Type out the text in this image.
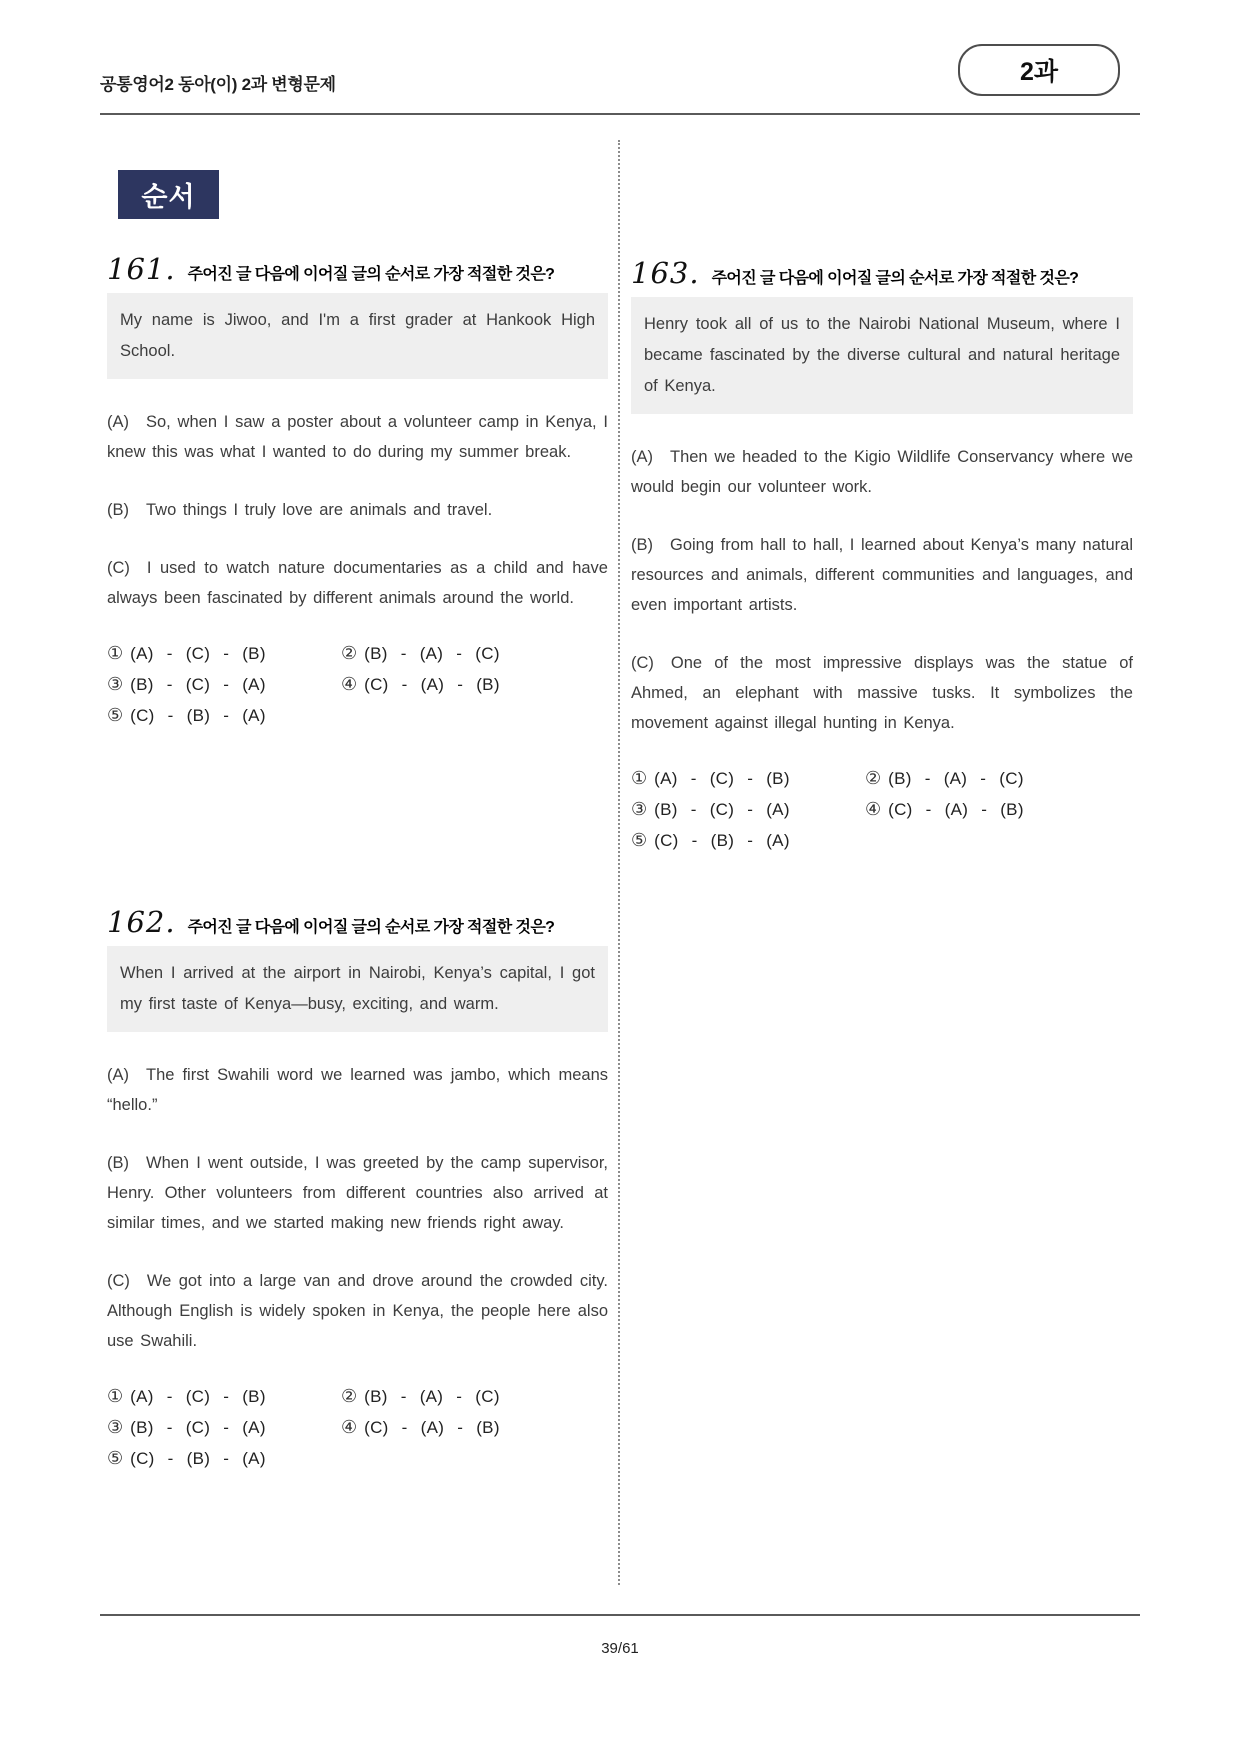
공통영어2 동아(이) 2과 변형문제	2과
순서
161. 주어진 글 다음에 이어질 글의 순서로 가장 적절한 것은?
My name is Jiwoo, and I'm a first grader at Hankook High School.

(A) So, when I saw a poster about a volunteer camp in Kenya, I knew this was what I wanted to do during my summer break.

(B) Two things I truly love are animals and travel.

(C) I used to watch nature documentaries as a child and have always been fascinated by different animals around the world.

① (A) - (C) - (B)	② (B) - (A) - (C)
③ (B) - (C) - (A)	④ (C) - (A) - (B)
⑤ (C) - (B) - (A)
162. 주어진 글 다음에 이어질 글의 순서로 가장 적절한 것은?
When I arrived at the airport in Nairobi, Kenya’s capital, I got my first taste of Kenya—busy, exciting, and warm.

(A) The first Swahili word we learned was jambo, which means “hello.”

(B) When I went outside, I was greeted by the camp supervisor, Henry. Other volunteers from different countries also arrived at similar times, and we started making new friends right away.

(C) We got into a large van and drove around the crowded city. Although English is widely spoken in Kenya, the people here also use Swahili.

① (A) - (C) - (B)	② (B) - (A) - (C)
③ (B) - (C) - (A)	④ (C) - (A) - (B)
⑤ (C) - (B) - (A)
163. 주어진 글 다음에 이어질 글의 순서로 가장 적절한 것은?
Henry took all of us to the Nairobi National Museum, where I became fascinated by the diverse cultural and natural heritage of Kenya.

(A) Then we headed to the Kigio Wildlife Conservancy where we would begin our volunteer work.

(B) Going from hall to hall, I learned about Kenya’s many natural resources and animals, different communities and languages, and even important artists.

(C) One of the most impressive displays was the statue of Ahmed, an elephant with massive tusks. It symbolizes the movement against illegal hunting in Kenya.

① (A) - (C) - (B)	② (B) - (A) - (C)
③ (B) - (C) - (A)	④ (C) - (A) - (B)
⑤ (C) - (B) - (A)
39/61
